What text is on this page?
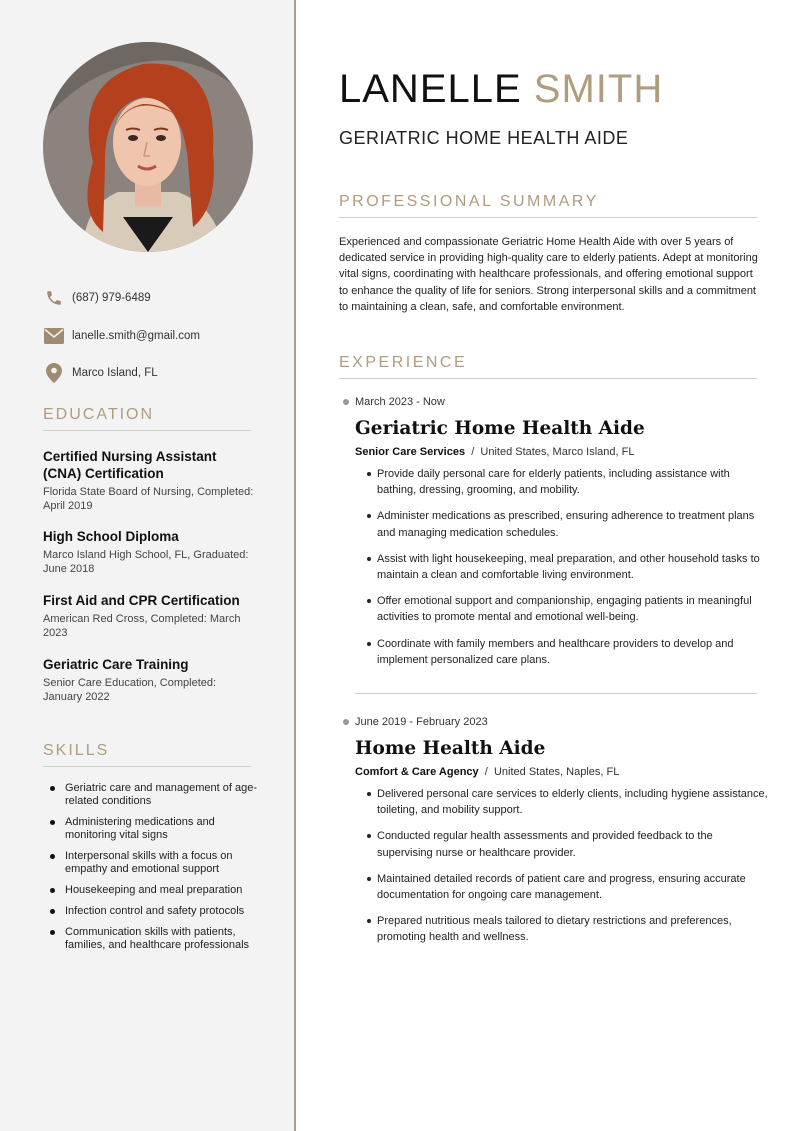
(687) 979-6489
lanelle.smith@gmail.com
Marco Island, FL
EDUCATION
Certified Nursing Assistant (CNA) Certification
Florida State Board of Nursing, Completed: April 2019
High School Diploma
Marco Island High School, FL, Graduated: June 2018
First Aid and CPR Certification
American Red Cross, Completed: March 2023
Geriatric Care Training
Senior Care Education, Completed: January 2022
SKILLS
Geriatric care and management of age-related conditions
Administering medications and monitoring vital signs
Interpersonal skills with a focus on empathy and emotional support
Housekeeping and meal preparation
Infection control and safety protocols
Communication skills with patients, families, and healthcare professionals
LANELLE SMITH
GERIATRIC HOME HEALTH AIDE
PROFESSIONAL SUMMARY
Experienced and compassionate Geriatric Home Health Aide with over 5 years of dedicated service in providing high-quality care to elderly patients. Adept at monitoring vital signs, coordinating with healthcare professionals, and offering emotional support to enhance the quality of life for seniors. Strong interpersonal skills and a commitment to maintaining a clean, safe, and comfortable environment.
EXPERIENCE
March 2023 - Now
Geriatric Home Health Aide
Senior Care Services / United States, Marco Island, FL
Provide daily personal care for elderly patients, including assistance with bathing, dressing, grooming, and mobility.
Administer medications as prescribed, ensuring adherence to treatment plans and managing medication schedules.
Assist with light housekeeping, meal preparation, and other household tasks to maintain a clean and comfortable living environment.
Offer emotional support and companionship, engaging patients in meaningful activities to promote mental and emotional well-being.
Coordinate with family members and healthcare providers to develop and implement personalized care plans.
June 2019 - February 2023
Home Health Aide
Comfort & Care Agency / United States, Naples, FL
Delivered personal care services to elderly clients, including hygiene assistance, toileting, and mobility support.
Conducted regular health assessments and provided feedback to the supervising nurse or healthcare provider.
Maintained detailed records of patient care and progress, ensuring accurate documentation for ongoing care management.
Prepared nutritious meals tailored to dietary restrictions and preferences, promoting health and wellness.
